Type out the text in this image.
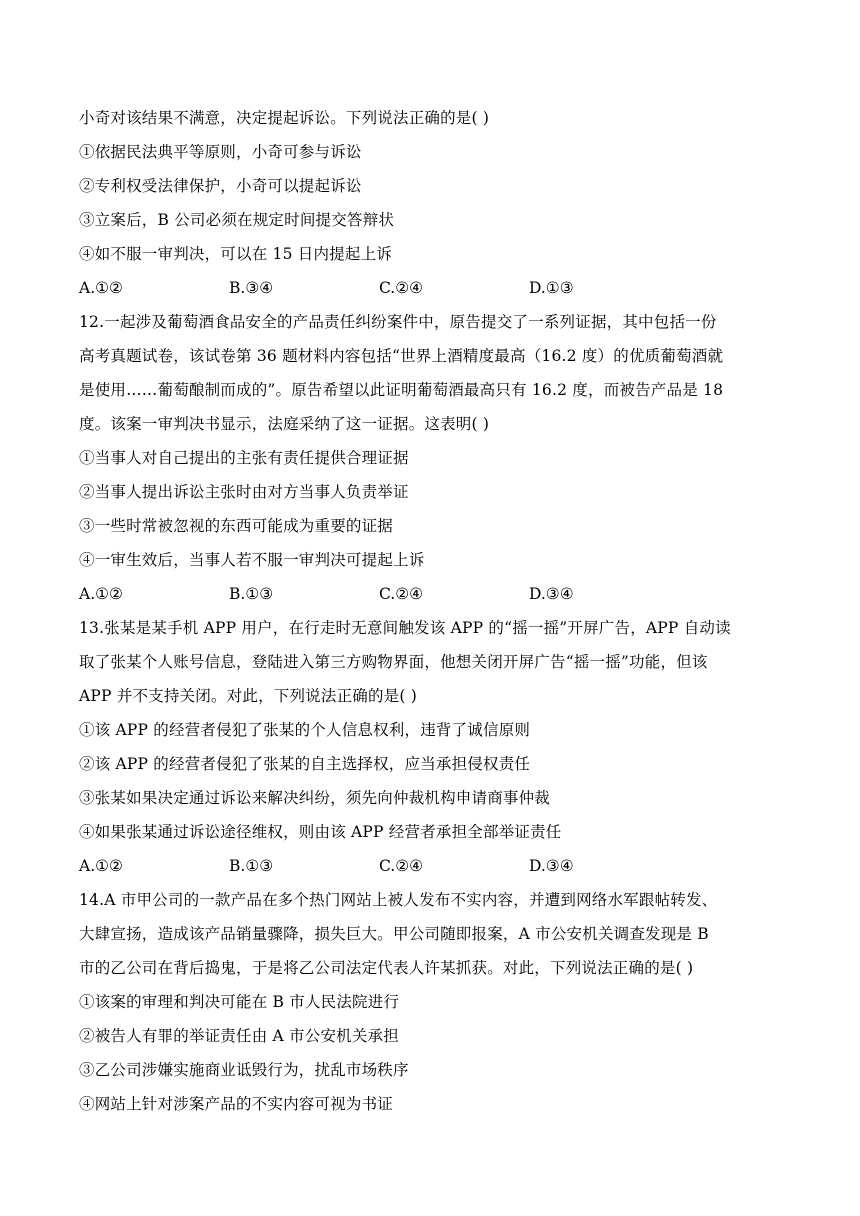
小奇对该结果不满意，决定提起诉讼。下列说法正确的是( )
①依据民法典平等原则，小奇可参与诉讼
②专利权受法律保护，小奇可以提起诉讼
③立案后，B 公司必须在规定时间提交答辩状
④如不服一审判决，可以在 15 日内提起上诉
A.①②	B.③④	C.②④	D.①③
12.一起涉及葡萄酒食品安全的产品责任纠纷案件中，原告提交了一系列证据，其中包括一份
高考真题试卷，该试卷第 36 题材料内容包括“世界上酒精度最高（16.2 度）的优质葡萄酒就
是使用……葡萄酿制而成的”。原告希望以此证明葡萄酒最高只有 16.2 度，而被告产品是 18
度。该案一审判决书显示，法庭采纳了这一证据。这表明( )
①当事人对自己提出的主张有责任提供合理证据
②当事人提出诉讼主张时由对方当事人负责举证
③一些时常被忽视的东西可能成为重要的证据
④一审生效后，当事人若不服一审判决可提起上诉
A.①②	B.①③	C.②④	D.③④
13.张某是某手机 APP 用户，在行走时无意间触发该 APP 的“摇一摇”开屏广告，APP 自动读
取了张某个人账号信息，登陆进入第三方购物界面，他想关闭开屏广告“摇一摇”功能，但该
APP 并不支持关闭。对此，下列说法正确的是( )
①该 APP 的经营者侵犯了张某的个人信息权利，违背了诚信原则
②该 APP 的经营者侵犯了张某的自主选择权，应当承担侵权责任
③张某如果决定通过诉讼来解决纠纷，须先向仲裁机构申请商事仲裁
④如果张某通过诉讼途径维权，则由该 APP 经营者承担全部举证责任
A.①②	B.①③	C.②④	D.③④
14.A 市甲公司的一款产品在多个热门网站上被人发布不实内容，并遭到网络水军跟帖转发、
大肆宣扬，造成该产品销量骤降，损失巨大。甲公司随即报案，A 市公安机关调查发现是 B
市的乙公司在背后捣鬼，于是将乙公司法定代表人许某抓获。对此，下列说法正确的是( )
①该案的审理和判决可能在 B 市人民法院进行
②被告人有罪的举证责任由 A 市公安机关承担
③乙公司涉嫌实施商业诋毁行为，扰乱市场秩序
④网站上针对涉案产品的不实内容可视为书证
